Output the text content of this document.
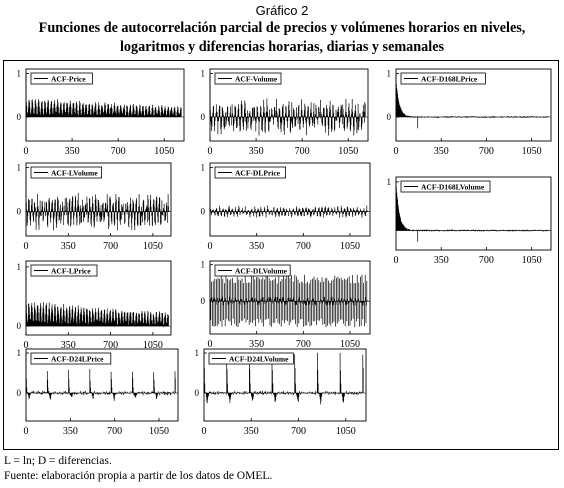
Gráfico 2
Funciones de autocorrelación parcial de precios y volúmenes horarios en niveles,
logaritmos y diferencias horarias, diarias y semanales
0
1
0	350	700	1050
ACF-Price
0
1
0	350	700	1050
ACF-Volume
0
1
0	350	700	1050
ACF-D168LPrice
0
1
0	350	700 1050
ACF-LVolume
0
1
0	350	700	1050
ACF-DLPrice
1
0	350	700	1050
ACF-D168LVolume
0
1
0	350	700 1050
ACF-LPrice
0
1
0	350	700	1050
ACF-DLVolume
0
1
0	350	700	1050
ACF-D24LPrice
0
1
0	350	700	1050
ACF-D24LVolume
L = ln; D = diferencias.
Fuente: elaboración propia a partir de los datos de OMEL.
